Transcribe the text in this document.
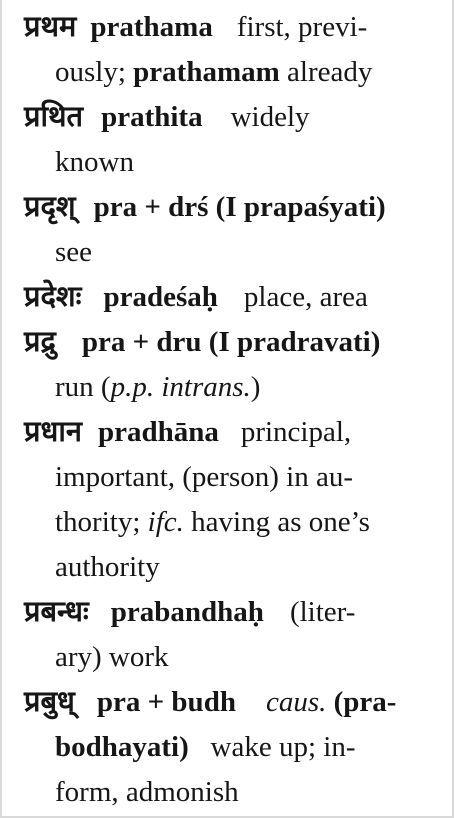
प्रथम prathama first, previ-
ously; prathamam already
प्रथित prathita widely
known
प्रदृश् pra + drś (I prapaśyati)
see
प्रदेशः pradeśaḥ place, area
प्रद्रु pra + dru (I pradravati)
run (p.p. intrans.)
प्रधान pradhāna principal,
important, (person) in au-
thority; ifc. having as one’s
authority
प्रबन्धः prabandhaḥ (liter-
ary) work
प्रबुध् pra + budh caus. (pra-
bodhayati)   wake up; in-
form, admonish
